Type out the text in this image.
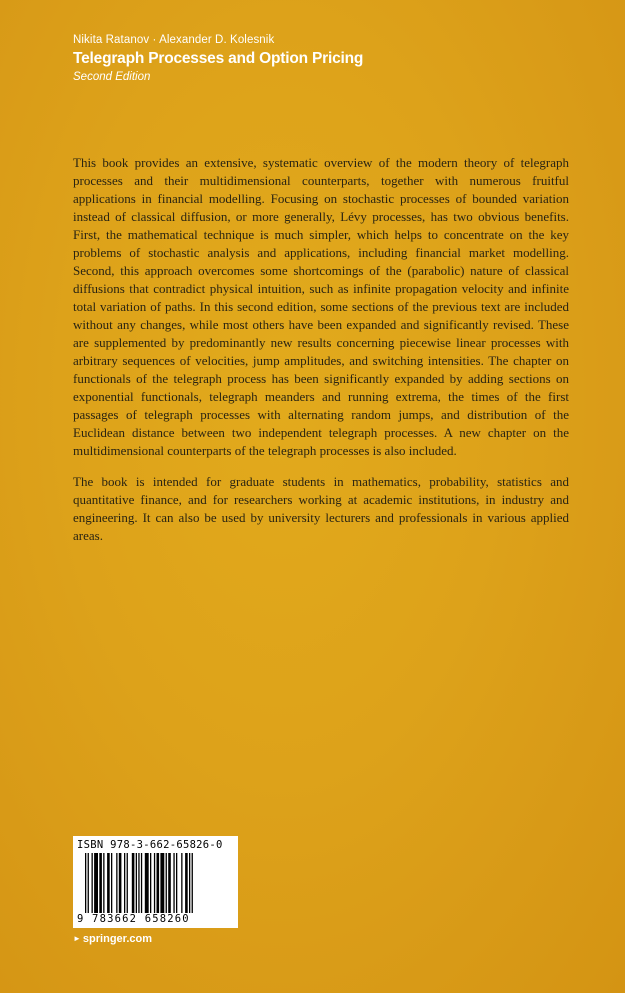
Nikita Ratanov · Alexander D. Kolesnik
Telegraph Processes and Option Pricing
Second Edition

This book provides an extensive, systematic overview of the modern theory of telegraph processes and their multidimensional counterparts, together with numerous fruitful applications in financial modelling. Focusing on stochastic processes of bounded variation instead of classical diffusion, or more generally, Lévy processes, has two obvious benefits. First, the mathematical technique is much simpler, which helps to concentrate on the key problems of stochastic analysis and applications, including financial market modelling. Second, this approach overcomes some shortcomings of the (parabolic) nature of classical diffusions that contradict physical intuition, such as infinite propagation velocity and infinite total variation of paths. In this second edition, some sections of the previous text are included without any changes, while most others have been expanded and significantly revised. These are supplemented by predominantly new results concerning piecewise linear processes with arbitrary sequences of velocities, jump amplitudes, and switching intensities. The chapter on functionals of the telegraph process has been significantly expanded by adding sections on exponential functionals, telegraph meanders and running extrema, the times of the first passages of telegraph processes with alternating random jumps, and distribution of the Euclidean distance between two independent telegraph processes. A new chapter on the multidimensional counterparts of the telegraph processes is also included.

The book is intended for graduate students in mathematics, probability, statistics and quantitative finance, and for researchers working at academic institutions, in industry and engineering. It can also be used by university lecturers and professionals in various applied areas.

ISBN 978-3-662-65826-0
9 783662 658260
► springer.com
